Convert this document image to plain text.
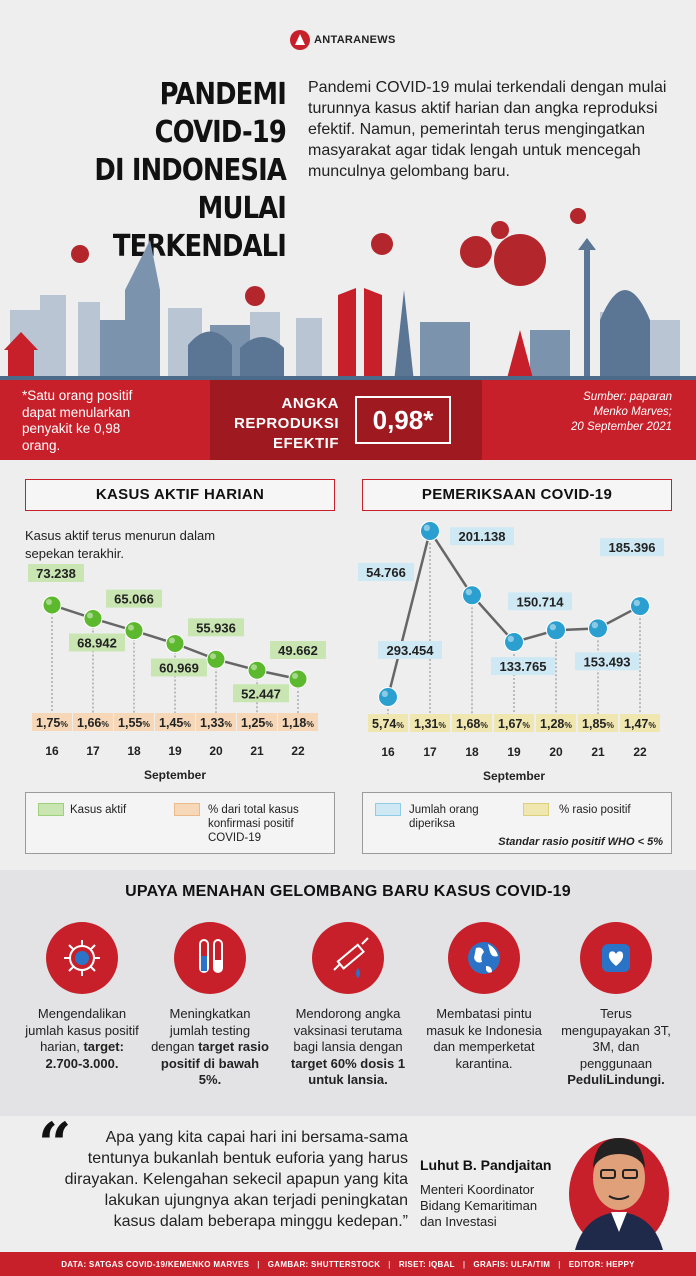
ANTARANEWS
PANDEMI COVID-19
DI INDONESIA MULAI
TERKENDALI
Pandemi COVID-19 mulai terkendali dengan mulai turunnya kasus aktif harian dan angka reproduksi efektif. Namun, pemerintah terus mengingatkan masyarakat agar tidak lengah untuk mencegah munculnya gelombang baru.
*Satu orang positif
dapat menularkan
penyakit ke 0,98
orang.
ANGKA
REPRODUKSI
EFEKTIF
0,98*
Sumber: paparan
Menko Marves;
20 September 2021
KASUS AKTIF HARIAN	PEMERIKSAAN COVID-19
Kasus aktif terus menurun dalam sepekan terakhir.
73.238
1,75%
16
68.942
1,66%
17
65.066
1,55%
18
60.969
1,45%
19
55.936
1,33%
20
52.447
1,25%
21
49.662
1,18%
22
September
54.766
5,74%
16
293.454
1,31%
17
201.138
1,68%
18
133.765
1,67%
19
150.714
1,28%
20
153.493
1,85%
21
185.396
1,47%
22
September
Kasus aktif	% dari total kasus konfirmasi positif COVID-19
Jumlah orang diperiksa
% rasio positif
Standar rasio positif WHO < 5%
UPAYA MENAHAN GELOMBANG BARU KASUS COVID-19
Mengendalikan jumlah kasus positif harian, target: 2.700-3.000.
Meningkatkan jumlah testing dengan target rasio positif di bawah 5%.
Mendorong angka vaksinasi terutama bagi lansia dengan target 60% dosis 1 untuk lansia.
Membatasi pintu masuk ke Indonesia dan memperketat karantina.
Terus mengupayakan 3T, 3M, dan penggunaan PeduliLindungi.
“	Apa yang kita capai hari ini bersama-sama
tentunya bukanlah bentuk euforia yang harus
dirayakan. Kelengahan sekecil apapun yang kita
lakukan ujungnya akan terjadi peningkatan
kasus dalam beberapa minggu kedepan.”
Luhut B. Pandjaitan
Menteri Koordinator
Bidang Kemaritiman
dan Investasi
DATA: SATGAS COVID-19/KEMENKO MARVES | GAMBAR: SHUTTERSTOCK | RISET: IQBAL | GRAFIS: ULFA/TIM | EDITOR: HEPPY
